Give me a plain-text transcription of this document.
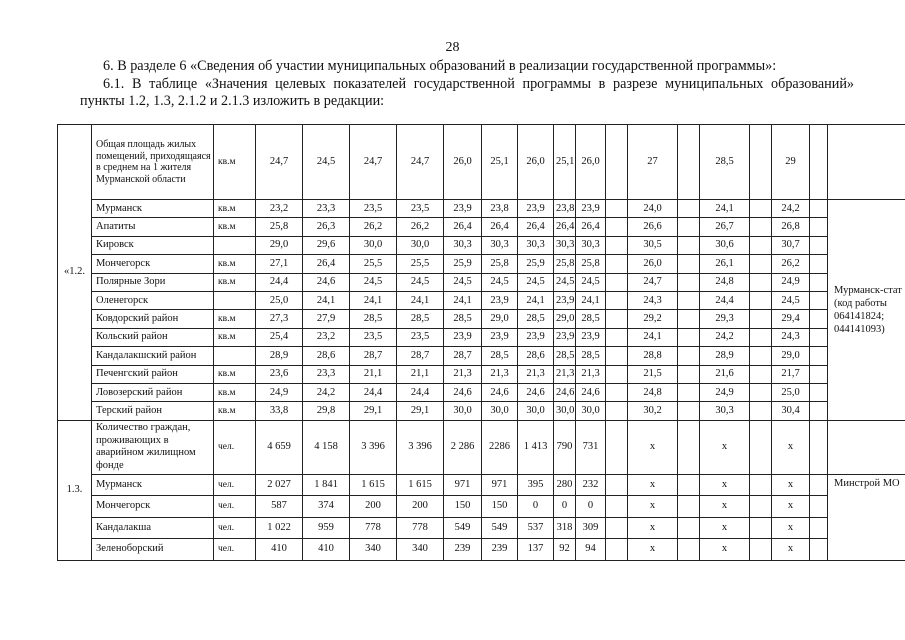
28
6. В разделе 6 «Сведения об участии муниципальных образований в реализации государственной программы»:
6.1. В таблице «Значения целевых показателей государственной программы в разрезе муниципальных образований» пункты 1.2, 1.3, 2.1.2 и 2.1.3 изложить в редакции:
«1.2.	Общая площадь жилых помещений, приходящаяся в среднем на 1 жителя Мурманской области	кв.м	24,7	24,5	24,7	24,7	26,0	25,1	26,0	25,1	26,0		27		28,5		29		
	Мурманск	кв.м	23,2	23,3	23,5	23,5	23,9	23,8	23,9	23,8	23,9		24,0		24,1		24,2		Мурманск-стат (код работы 064141824; 044141093)
	Апатиты	кв.м	25,8	26,3	26,2	26,2	26,4	26,4	26,4	26,4	26,4		26,6		26,7		26,8		
	Кировск		29,0	29,6	30,0	30,0	30,3	30,3	30,3	30,3	30,3		30,5		30,6		30,7		
	Мончегорск	кв.м	27,1	26,4	25,5	25,5	25,9	25,8	25,9	25,8	25,8		26,0		26,1		26,2		
	Полярные Зори	кв.м	24,4	24,6	24,5	24,5	24,5	24,5	24,5	24,5	24,5		24,7		24,8		24,9		
	Оленегорск		25,0	24,1	24,1	24,1	24,1	23,9	24,1	23,9	24,1		24,3		24,4		24,5		
	Ковдорский район	кв.м	27,3	27,9	28,5	28,5	28,5	29,0	28,5	29,0	28,5		29,2		29,3		29,4		
	Кольский район	кв.м	25,4	23,2	23,5	23,5	23,9	23,9	23,9	23,9	23,9		24,1		24,2		24,3		
	Кандалакшский район		28,9	28,6	28,7	28,7	28,7	28,5	28,6	28,5	28,5		28,8		28,9		29,0		
	Печенгский район	кв.м	23,6	23,3	21,1	21,1	21,3	21,3	21,3	21,3	21,3		21,5		21,6		21,7		
	Ловозерский район	кв.м	24,9	24,2	24,4	24,4	24,6	24,6	24,6	24,6	24,6		24,8		24,9		25,0		
	Терский район	кв.м	33,8	29,8	29,1	29,1	30,0	30,0	30,0	30,0	30,0		30,2		30,3		30,4		
1.3.	Количество граждан, проживающих в аварийном жилищном фонде	чел.	4 659	4 158	3 396	3 396	2 286	2286	1 413	790	731		х		х		х		
	Мурманск	чел.	2 027	1 841	1 615	1 615	971	971	395	280	232		х		х		х		Минстрой МО
	Мончегорск	чел.	587	374	200	200	150	150	0	0	0		х		х		х		
	Кандалакша	чел.	1 022	959	778	778	549	549	537	318	309		х		х		х		
	Зеленоборский	чел.	410	410	340	340	239	239	137	92	94		х		х		х		
